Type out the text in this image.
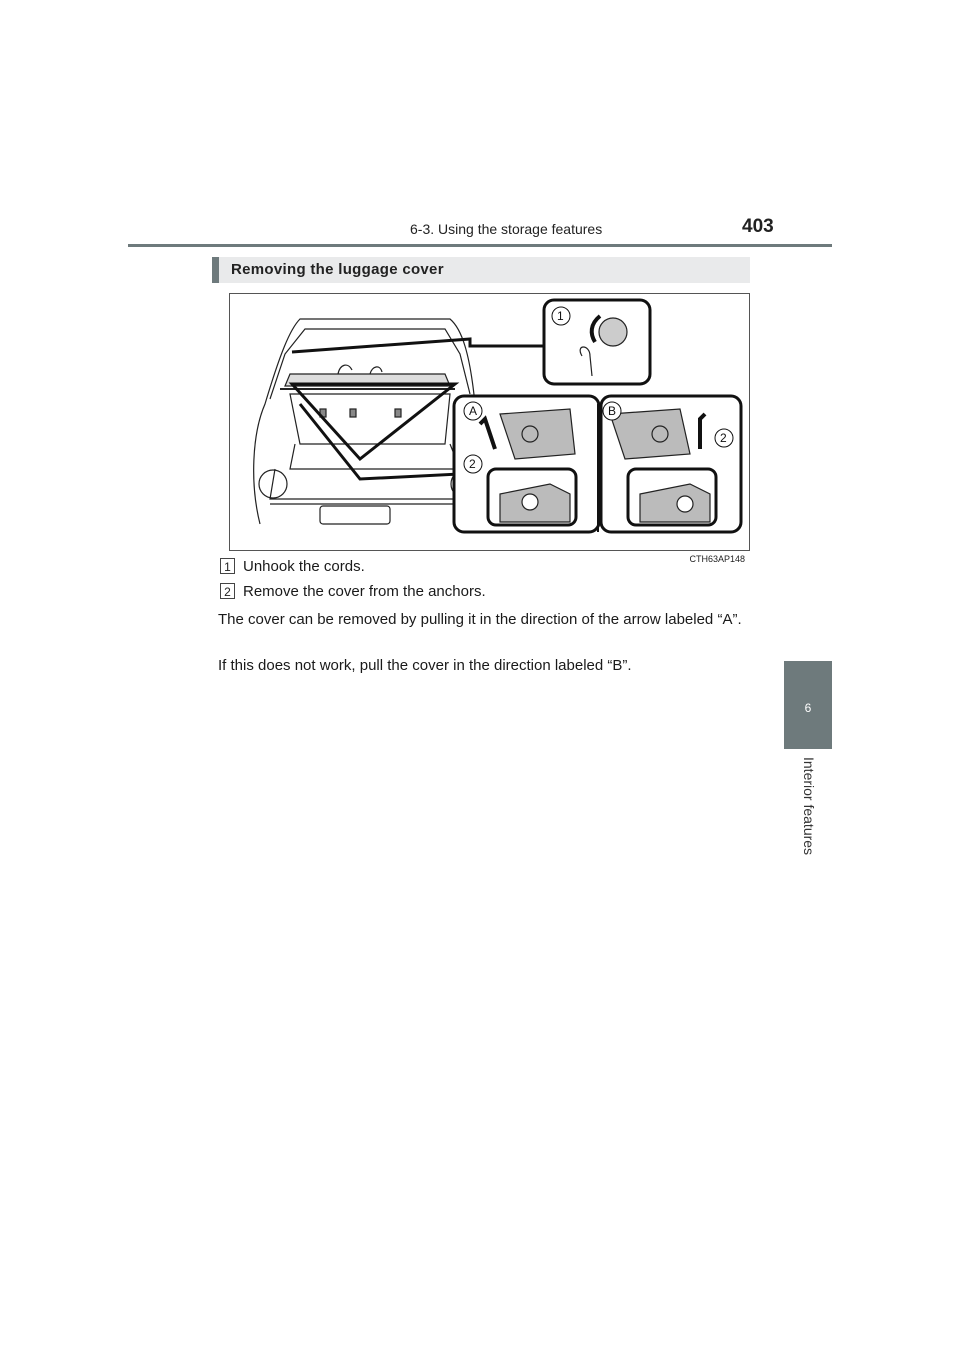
6-3. Using the storage features	403
6
Interior features
Removing the luggage cover
1
A
2
B
2
CTH63AP148
1 Unhook the cords.
2 Remove the cover from the anchors.
The cover can be removed by pulling it in the direction of the arrow labeled “A”.
If this does not work, pull the cover in the direction labeled “B”.
